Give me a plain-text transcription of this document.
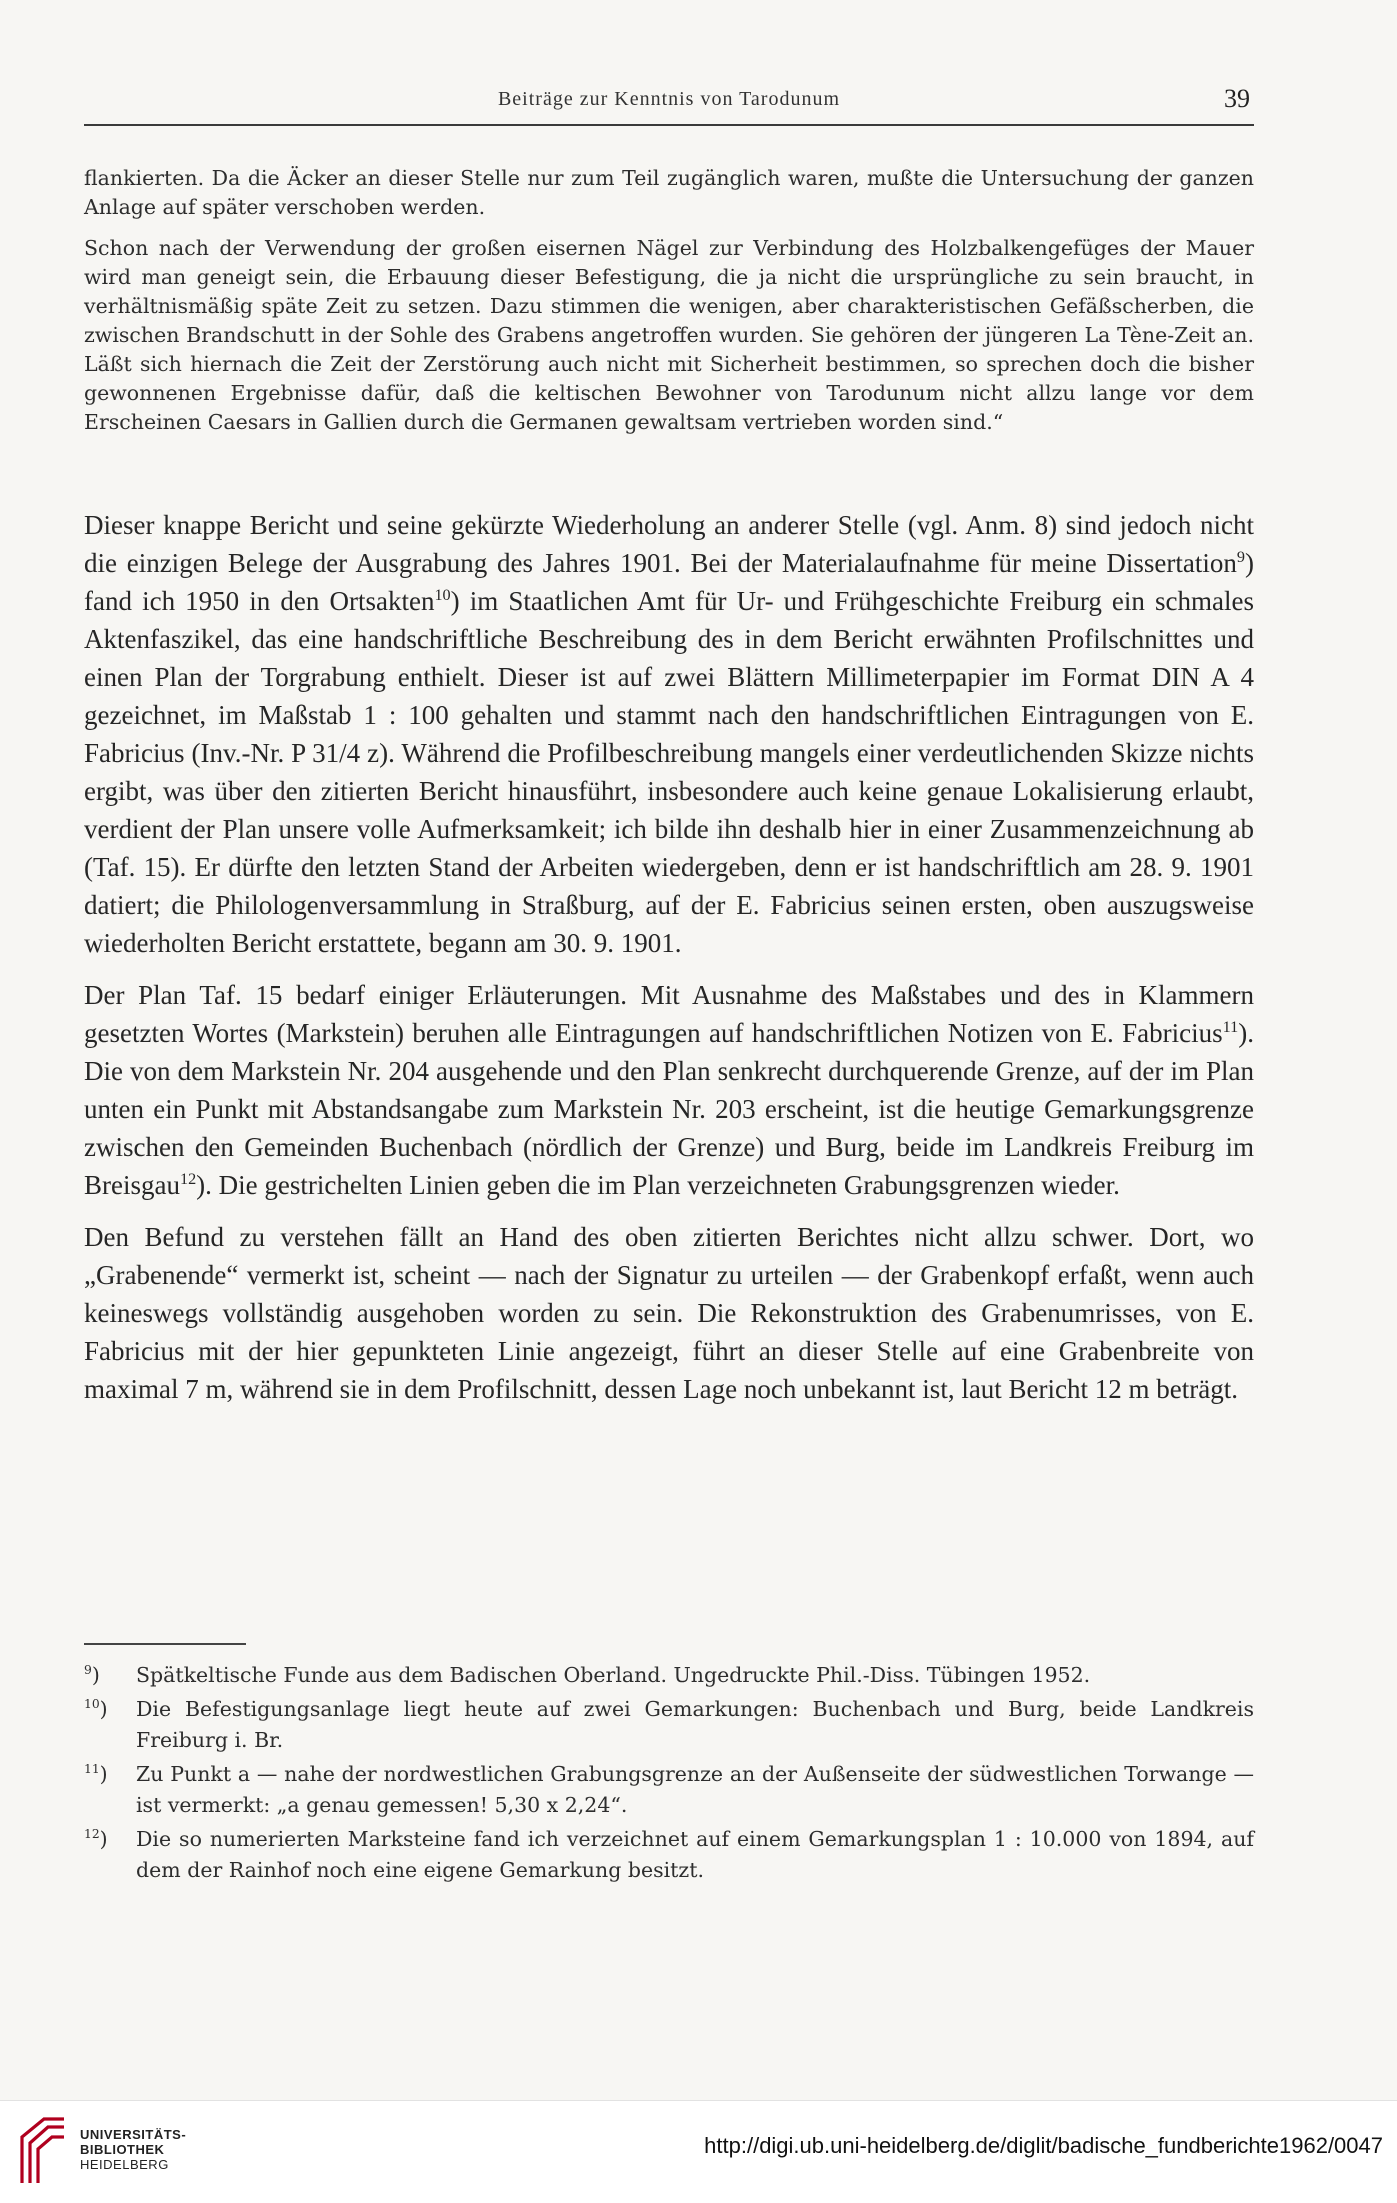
Beiträge zur Kenntnis von Tarodunum	39

flankierten. Da die Äcker an dieser Stelle nur zum Teil zugänglich waren, mußte die Untersuchung der ganzen Anlage auf später verschoben werden.

Schon nach der Verwendung der großen eisernen Nägel zur Verbindung des Holzbalkengefüges der Mauer wird man geneigt sein, die Erbauung dieser Befestigung, die ja nicht die ursprüngliche zu sein braucht, in verhältnismäßig späte Zeit zu setzen. Dazu stimmen die wenigen, aber charakteristischen Gefäßscherben, die zwischen Brandschutt in der Sohle des Grabens angetroffen wurden. Sie gehören der jüngeren La Tène-Zeit an. Läßt sich hiernach die Zeit der Zerstörung auch nicht mit Sicherheit bestimmen, so sprechen doch die bisher gewonnenen Ergebnisse dafür, daß die keltischen Bewohner von Tarodunum nicht allzu lange vor dem Erscheinen Caesars in Gallien durch die Germanen gewaltsam vertrieben worden sind.“

Dieser knappe Bericht und seine gekürzte Wiederholung an anderer Stelle (vgl. Anm. 8) sind jedoch nicht die einzigen Belege der Ausgrabung des Jahres 1901. Bei der Materialaufnahme für meine Dissertation$^9$) fand ich 1950 in den Ortsakten$^{10}$) im Staatlichen Amt für Ur- und Frühgeschichte Freiburg ein schmales Aktenfaszikel, das eine handschriftliche Beschreibung des in dem Bericht erwähnten Profilschnittes und einen Plan der Torgrabung enthielt. Dieser ist auf zwei Blättern Millimeterpapier im Format DIN A 4 gezeichnet, im Maßstab 1 : 100 gehalten und stammt nach den handschriftlichen Eintragungen von E. Fabricius (Inv.-Nr. P 31/4 z). Während die Profilbeschreibung mangels einer verdeutlichenden Skizze nichts ergibt, was über den zitierten Bericht hinausführt, insbesondere auch keine genaue Lokalisierung erlaubt, verdient der Plan unsere volle Aufmerksamkeit; ich bilde ihn deshalb hier in einer Zusammenzeichnung ab (Taf. 15). Er dürfte den letzten Stand der Arbeiten wiedergeben, denn er ist handschriftlich am 28. 9. 1901 datiert; die Philologenversammlung in Straßburg, auf der E. Fabricius seinen ersten, oben auszugsweise wiederholten Bericht erstattete, begann am 30. 9. 1901.

Der Plan Taf. 15 bedarf einiger Erläuterungen. Mit Ausnahme des Maßstabes und des in Klammern gesetzten Wortes (Markstein) beruhen alle Eintragungen auf handschriftlichen Notizen von E. Fabricius$^{11}$). Die von dem Markstein Nr. 204 ausgehende und den Plan senkrecht durchquerende Grenze, auf der im Plan unten ein Punkt mit Abstandsangabe zum Markstein Nr. 203 erscheint, ist die heutige Gemarkungsgrenze zwischen den Gemeinden Buchenbach (nördlich der Grenze) und Burg, beide im Landkreis Freiburg im Breisgau$^{12}$). Die gestrichelten Linien geben die im Plan verzeichneten Grabungsgrenzen wieder.

Den Befund zu verstehen fällt an Hand des oben zitierten Berichtes nicht allzu schwer. Dort, wo „Grabenende“ vermerkt ist, scheint — nach der Signatur zu urteilen — der Grabenkopf erfaßt, wenn auch keineswegs vollständig ausgehoben worden zu sein. Die Rekonstruktion des Grabenumrisses, von E. Fabricius mit der hier gepunkteten Linie angezeigt, führt an dieser Stelle auf eine Grabenbreite von maximal 7 m, während sie in dem Profilschnitt, dessen Lage noch unbekannt ist, laut Bericht 12 m beträgt.

$^9$)	Spätkeltische Funde aus dem Badischen Oberland. Ungedruckte Phil.-Diss. Tübingen 1952.
$^{10}$)	Die Befestigungsanlage liegt heute auf zwei Gemarkungen: Buchenbach und Burg, beide Landkreis Freiburg i. Br.
$^{11}$)	Zu Punkt a — nahe der nordwestlichen Grabungsgrenze an der Außenseite der südwestlichen Torwange — ist vermerkt: „a genau gemessen! 5,30 x 2,24“.
$^{12}$)	Die so numerierten Marksteine fand ich verzeichnet auf einem Gemarkungsplan 1 : 10.000 von 1894, auf dem der Rainhof noch eine eigene Gemarkung besitzt.
UNIVERSITÄTS-
BIBLIOTHEK
HEIDELBERG
http://digi.ub.uni-heidelberg.de/diglit/badische_fundberichte1962/0047
